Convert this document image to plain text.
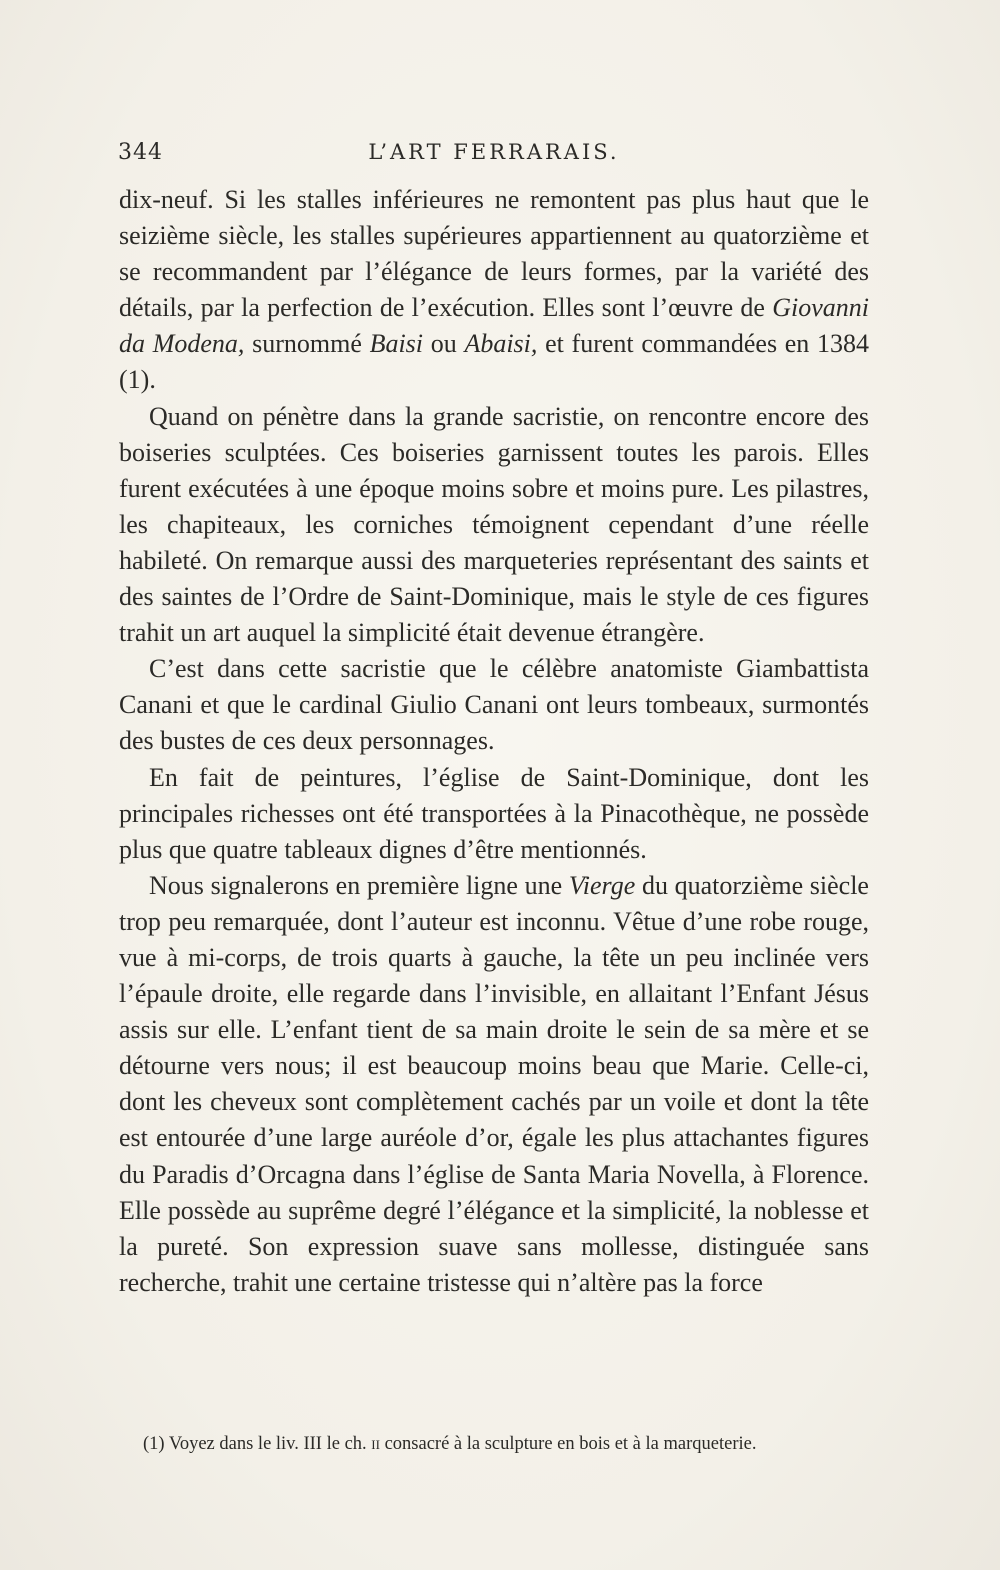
344	L’ART FERRARAIS.

dix-neuf. Si les stalles inférieures ne remontent pas plus haut que le seizième siècle, les stalles supérieures appartiennent au quatorzième et se recommandent par l’élégance de leurs formes, par la variété des détails, par la perfection de l’exécution. Elles sont l’œuvre de Giovanni da Modena, surnommé Baisi ou Abaisi, et furent commandées en 1384 (1).

Quand on pénètre dans la grande sacristie, on rencontre encore des boiseries sculptées. Ces boiseries garnissent toutes les parois. Elles furent exécutées à une époque moins sobre et moins pure. Les pilastres, les chapiteaux, les corniches témoignent cependant d’une réelle habileté. On remarque aussi des marqueteries représentant des saints et des saintes de l’Ordre de Saint-Dominique, mais le style de ces figures trahit un art auquel la simplicité était devenue étrangère.

C’est dans cette sacristie que le célèbre anatomiste Giambattista Canani et que le cardinal Giulio Canani ont leurs tombeaux, surmontés des bustes de ces deux personnages.

En fait de peintures, l’église de Saint-Dominique, dont les principales richesses ont été transportées à la Pinacothèque, ne possède plus que quatre tableaux dignes d’être mentionnés.

Nous signalerons en première ligne une Vierge du quatorzième siècle trop peu remarquée, dont l’auteur est inconnu. Vêtue d’une robe rouge, vue à mi-corps, de trois quarts à gauche, la tête un peu inclinée vers l’épaule droite, elle regarde dans l’invisible, en allaitant l’Enfant Jésus assis sur elle. L’enfant tient de sa main droite le sein de sa mère et se détourne vers nous; il est beaucoup moins beau que Marie. Celle-ci, dont les cheveux sont complètement cachés par un voile et dont la tête est entourée d’une large auréole d’or, égale les plus attachantes figures du Paradis d’Orcagna dans l’église de Santa Maria Novella, à Florence. Elle possède au suprême degré l’élégance et la simplicité, la noblesse et la pureté. Son expression suave sans mollesse, distinguée sans recherche, trahit une certaine tristesse qui n’altère pas la force

(1) Voyez dans le liv. III le ch. ii consacré à la sculpture en bois et à la marqueterie.
